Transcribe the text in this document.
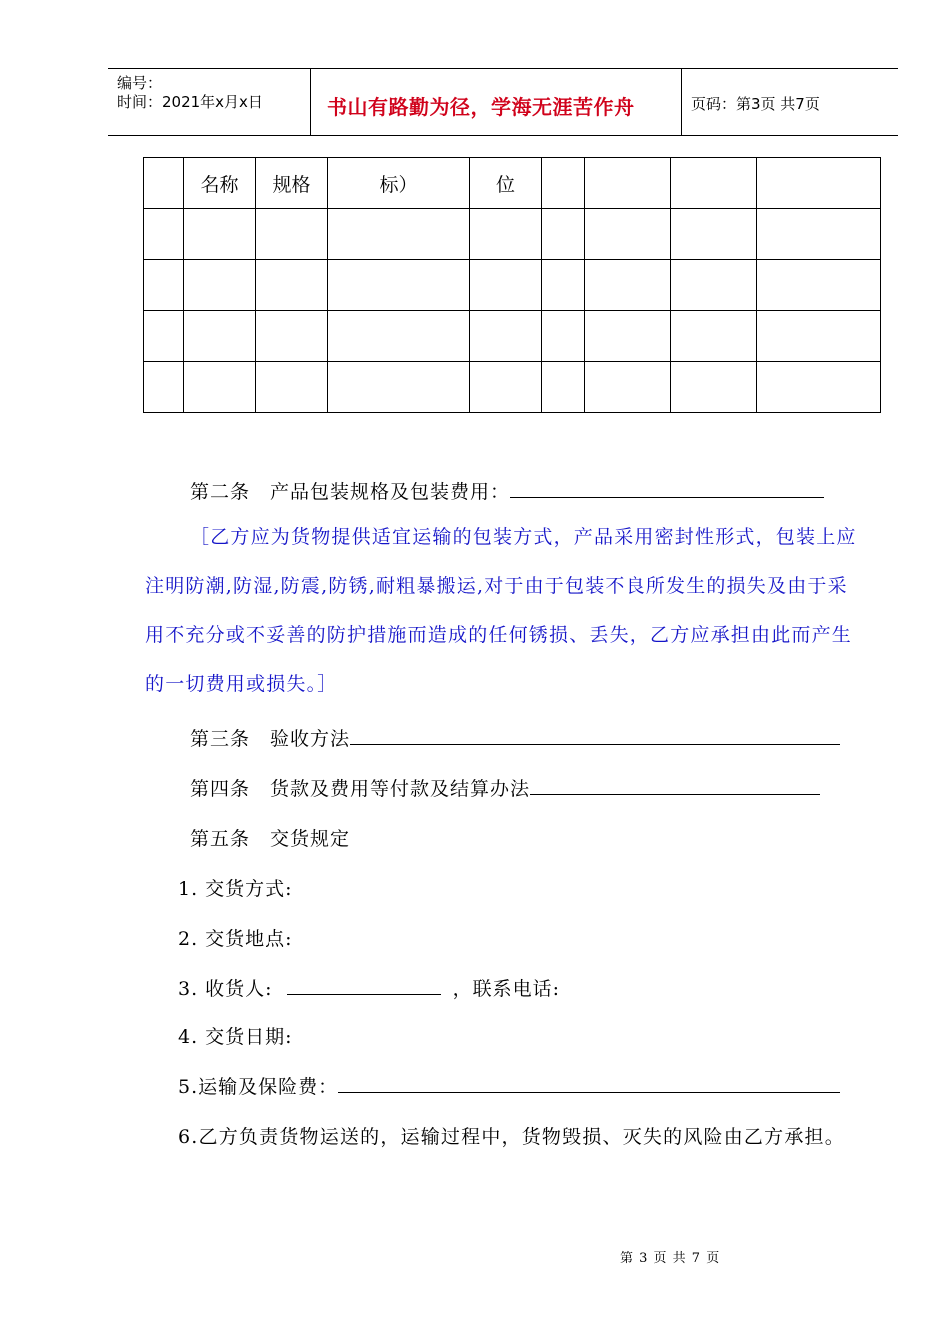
编号：
时间：2021年x月x日	书山有路勤为径，学海无涯苦作舟	页码：第3页 共7页
	名称	规格	标）	位				

第二条　产品包装规格及包装费用：
［乙方应为货物提供适宜运输的包装方式，产品采用密封性形式，包装上应注明防潮,防湿,防震,防锈,耐粗暴搬运,对于由于包装不良所发生的损失及由于采用不充分或不妥善的防护措施而造成的任何锈损、丢失，乙方应承担由此而产生的一切费用或损失。］
第三条　验收方法
第四条　货款及费用等付款及结算办法
第五条　交货规定
1. 交货方式:
2. 交货地点:
3. 收货人:	，联系电话:
4. 交货日期:
5.运输及保险费：
6.乙方负责货物运送的，运输过程中，货物毁损、灭失的风险由乙方承担。
第 3 页 共 7 页
